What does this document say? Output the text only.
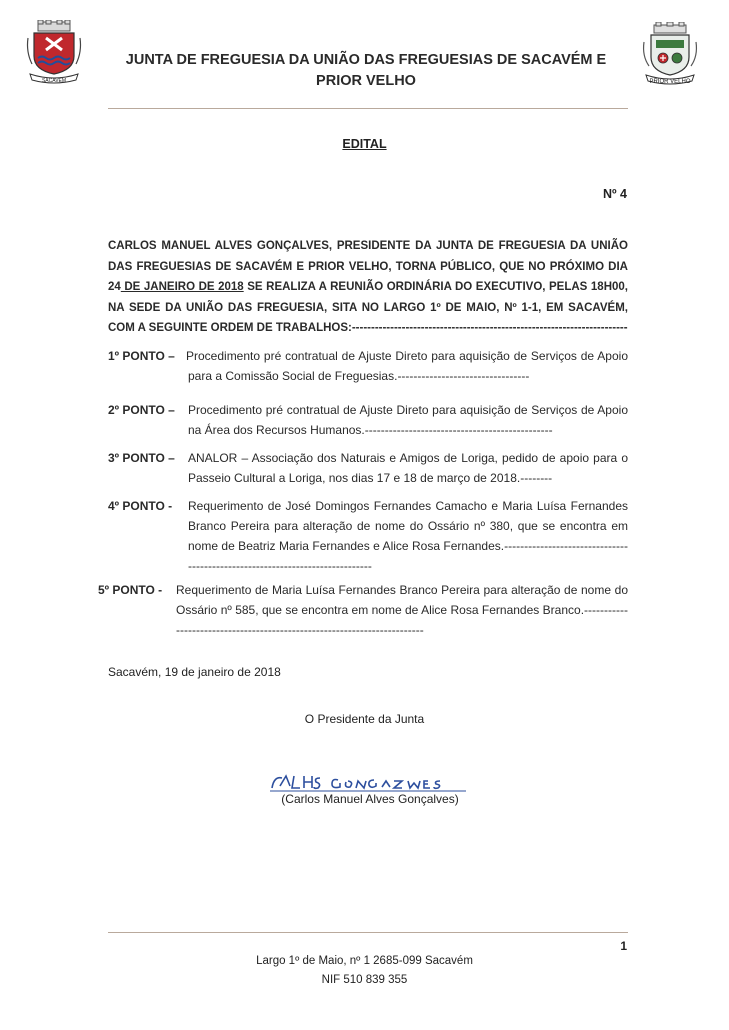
SACAVÉM
JUNTA DE FREGUESIA DA UNIÃO DAS FREGUESIAS DE SACAVÉM E PRIOR VELHO	PRIOR VELHO
EDITAL
Nº 4
CARLOS MANUEL ALVES GONÇALVES, PRESIDENTE DA JUNTA DE FREGUESIA DA UNIÃO DAS FREGUESIAS DE SACAVÉM E PRIOR VELHO, TORNA PÚBLICO, QUE NO PRÓXIMO DIA 24 DE JANEIRO DE 2018 SE REALIZA A REUNIÃO ORDINÁRIA DO EXECUTIVO, PELAS 18H00, NA SEDE DA UNIÃO DAS FREGUESIA, SITA NO LARGO 1º DE MAIO, Nº 1-1, EM SACAVÉM, COM A SEGUINTE ORDEM DE TRABALHOS:------------------------------------------------------------------------
1º PONTO – Procedimento pré contratual de Ajuste Direto para aquisição de Serviços de Apoio para a Comissão Social de Freguesias.---------------------------------
2º PONTO – Procedimento pré contratual de Ajuste Direto para aquisição de Serviços de Apoio na Área dos Recursos Humanos.-----------------------------------------------
3º PONTO – ANALOR – Associação dos Naturais e Amigos de Loriga, pedido de apoio para o Passeio Cultural a Loriga, nos dias 17 e 18 de março de 2018.--------
4º PONTO - Requerimento de José Domingos Fernandes Camacho e Maria Luísa Fernandes Branco Pereira para alteração de nome do Ossário nº 380, que se encontra em nome de Beatriz Maria Fernandes e Alice Rosa Fernandes.-----------------------------------------------------------------------------
5º PONTO - Requerimento de Maria Luísa Fernandes Branco Pereira para alteração de nome do Ossário nº 585, que se encontra em nome de Alice Rosa Fernandes Branco.-------------------------------------------------------------------------
Sacavém, 19 de janeiro de 2018
O Presidente da Junta
(Carlos Manuel Alves Gonçalves)
1
Largo 1º de Maio, nº 1 2685-099 Sacavém
NIF 510 839 355
